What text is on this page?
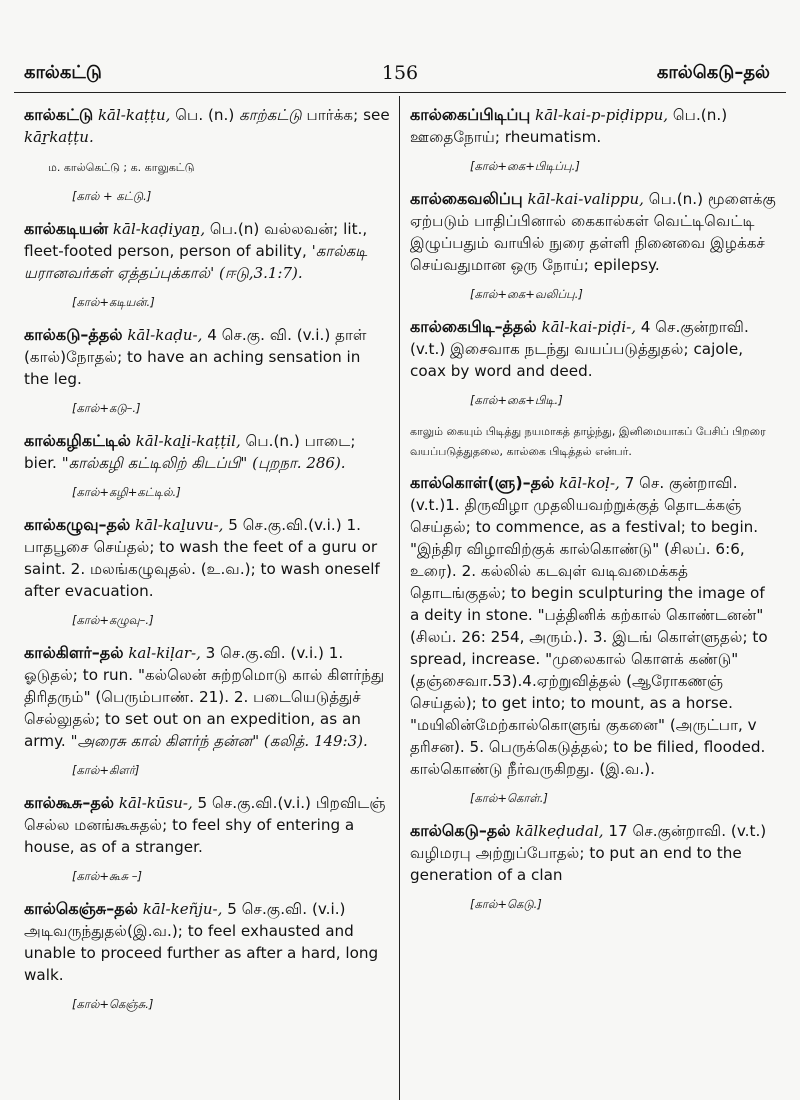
கால்கட்டு	156	கால்கெடு–தல்

கால்கட்டு kāl-kaṭṭu, பெ. (n.) காற்கட்டு பார்க்க; see kāṟkaṭṭu.

ம. கால்கெட்டு ; க. காலுகட்டு

[கால் + கட்டு.]

கால்கடியன் kāl-kaḍiyaṉ, பெ.(n) வல்லவன்; lit., fleet-footed person, person of ability, 'கால்கடி யரானவர்கள் ஏத்தப்புக்கால்' (ஈடு,3.1:7).

[கால்+கடியன்.]

கால்கடு–த்தல் kāl-kaḍu-, 4 செ.கு. வி. (v.i.) தாள் (கால்)நோதல்; to have an aching sensation in the leg.

[கால்+கடு–.]

கால்கழிகட்டில் kāl-kaḻi-kaṭṭil, பெ.(n.) பாடை; bier. "கால்கழி கட்டிலிற் கிடப்பி" (புறநா. 286).

[கால்+கழி+கட்டில்.]

கால்கழுவு–தல் kāl-kaḻuvu-, 5 செ.கு.வி.(v.i.) 1. பாதபூசை செய்தல்; to wash the feet of a guru or saint. 2. மலங்கழுவுதல். (உ.வ.); to wash oneself after evacuation.

[கால்+கழுவு–.]

கால்கிளர்–தல் kal-kiḷar-, 3 செ.கு.வி. (v.i.) 1. ஓடுதல்; to run. "கல்லென் சுற்றமொடு கால் கிளர்ந்து திரிதரும்" (பெரும்பாண். 21). 2. படையெடுத்துச் செல்லுதல்; to set out on an expedition, as an army. "அரைசு கால் கிளர்ந் தன்ன" (கலித். 149:3).

[கால்+கிளர்]

கால்கூசு–தல் kāl-kūsu-, 5 செ.கு.வி.(v.i.) பிறவிடஞ் செல்ல மனங்கூசுதல்; to feel shy of entering a house, as of a stranger.

[கால்+கூசு –]

கால்கெஞ்சு–தல் kāl-keñju-, 5 செ.கு.வி. (v.i.) அடிவருந்துதல்(இ.வ.); to feel exhausted and unable to proceed further as after a hard, long walk.

[கால்+கெஞ்சு.]

கால்கைப்பிடிப்பு kāl-kai-p-piḍippu, பெ.(n.) ஊதைநோய்; rheumatism.

[கால்+கை+பிடிப்பு.]

கால்கைவலிப்பு kāl-kai-valippu, பெ.(n.) மூளைக்கு ஏற்படும் பாதிப்பினால் கைகால்கள் வெட்டிவெட்டி இழுப்பதும் வாயில் நுரை தள்ளி நினைவை இழக்கச் செய்வதுமான ஒரு நோய்; epilepsy.

[கால்+கை+வலிப்பு.]

கால்கைபிடி–த்தல் kāl-kai-piḍi-, 4 செ.குன்றாவி. (v.t.) இசைவாக நடந்து வயப்படுத்துதல்; cajole, coax by word and deed.

[கால்+கை+பிடி.]

காலும் கையும் பிடித்து நயமாகத் தாழ்ந்து, இனிமையாகப் பேசிப் பிறரை வயப்படுத்துதலை, கால்கை பிடித்தல் என்பர்.

கால்கொள்(ளு)–தல் kāl-koḷ-, 7 செ. குன்றாவி. (v.t.)1. திருவிழா முதலியவற்றுக்குத் தொடக்கஞ் செய்தல்; to commence, as a festival; to begin. "இந்திர விழாவிற்குக் கால்கொண்டு" (சிலப். 6:6, உரை). 2. கல்லில் கடவுள் வடிவமைக்கத் தொடங்குதல்; to begin sculpturing the image of a deity in stone. "பத்தினிக் கற்கால் கொண்டனன்" (சிலப். 26: 254, அரும்.). 3. இடங் கொள்ளுதல்; to spread, increase. "முலைகால் கொளக் கண்டு" (தஞ்சைவா.53).4.ஏற்றுவித்தல் (ஆரோகணஞ் செய்தல்); to get into; to mount, as a horse. "மயிலின்மேற்கால்கொளுங் குகனை" (அருட்பா, v தரிசன). 5. பெருக்கெடுத்தல்; to be filied, flooded. கால்கொண்டு நீர்வருகிறது. (இ.வ.).

[கால்+கொள்.]

கால்கெடு–தல் kālkeḍudal, 17 செ.குன்றாவி. (v.t.) வழிமரபு அற்றுப்போதல்; to put an end to the generation of a clan

[கால்+கெடு.]
